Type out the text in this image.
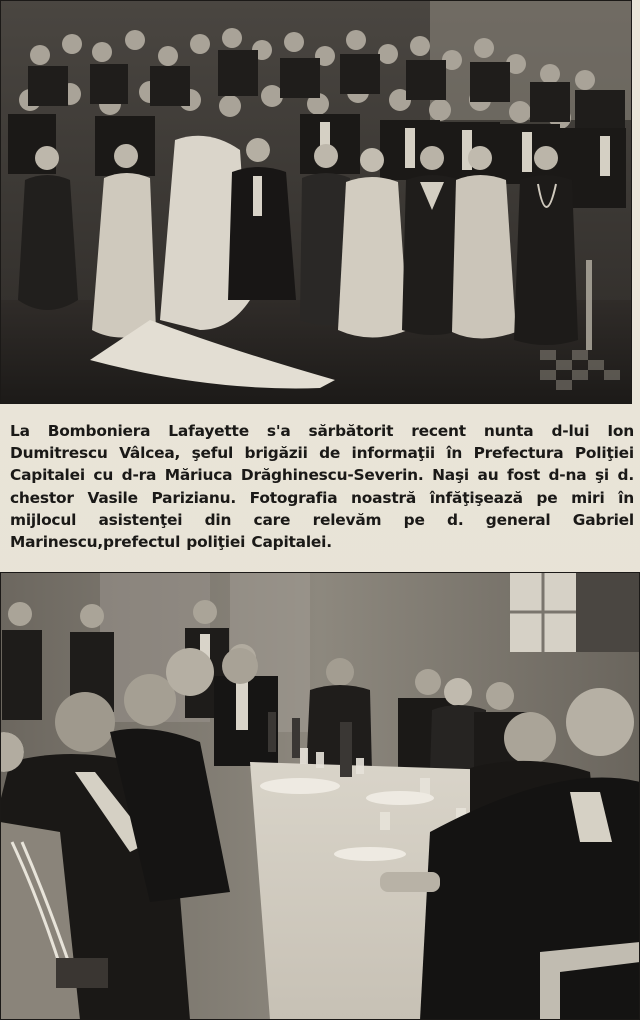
La Bomboniera Lafayette s'a sărbătorit recent nunta d-lui Ion Dumitrescu Vâlcea, şeful brigăzii de informaţii în Prefectura Poliţiei Capitalei cu d-ra Măriuca Drăghinescu-Severin. Naşi au fost d-na şi d. chestor Vasile Parizianu. Fotografia noastră înfăţişează pe miri în mijlocul asistenţei din care relevăm pe d. general Gabriel Marinescu,prefectul poliţiei Capitalei.
